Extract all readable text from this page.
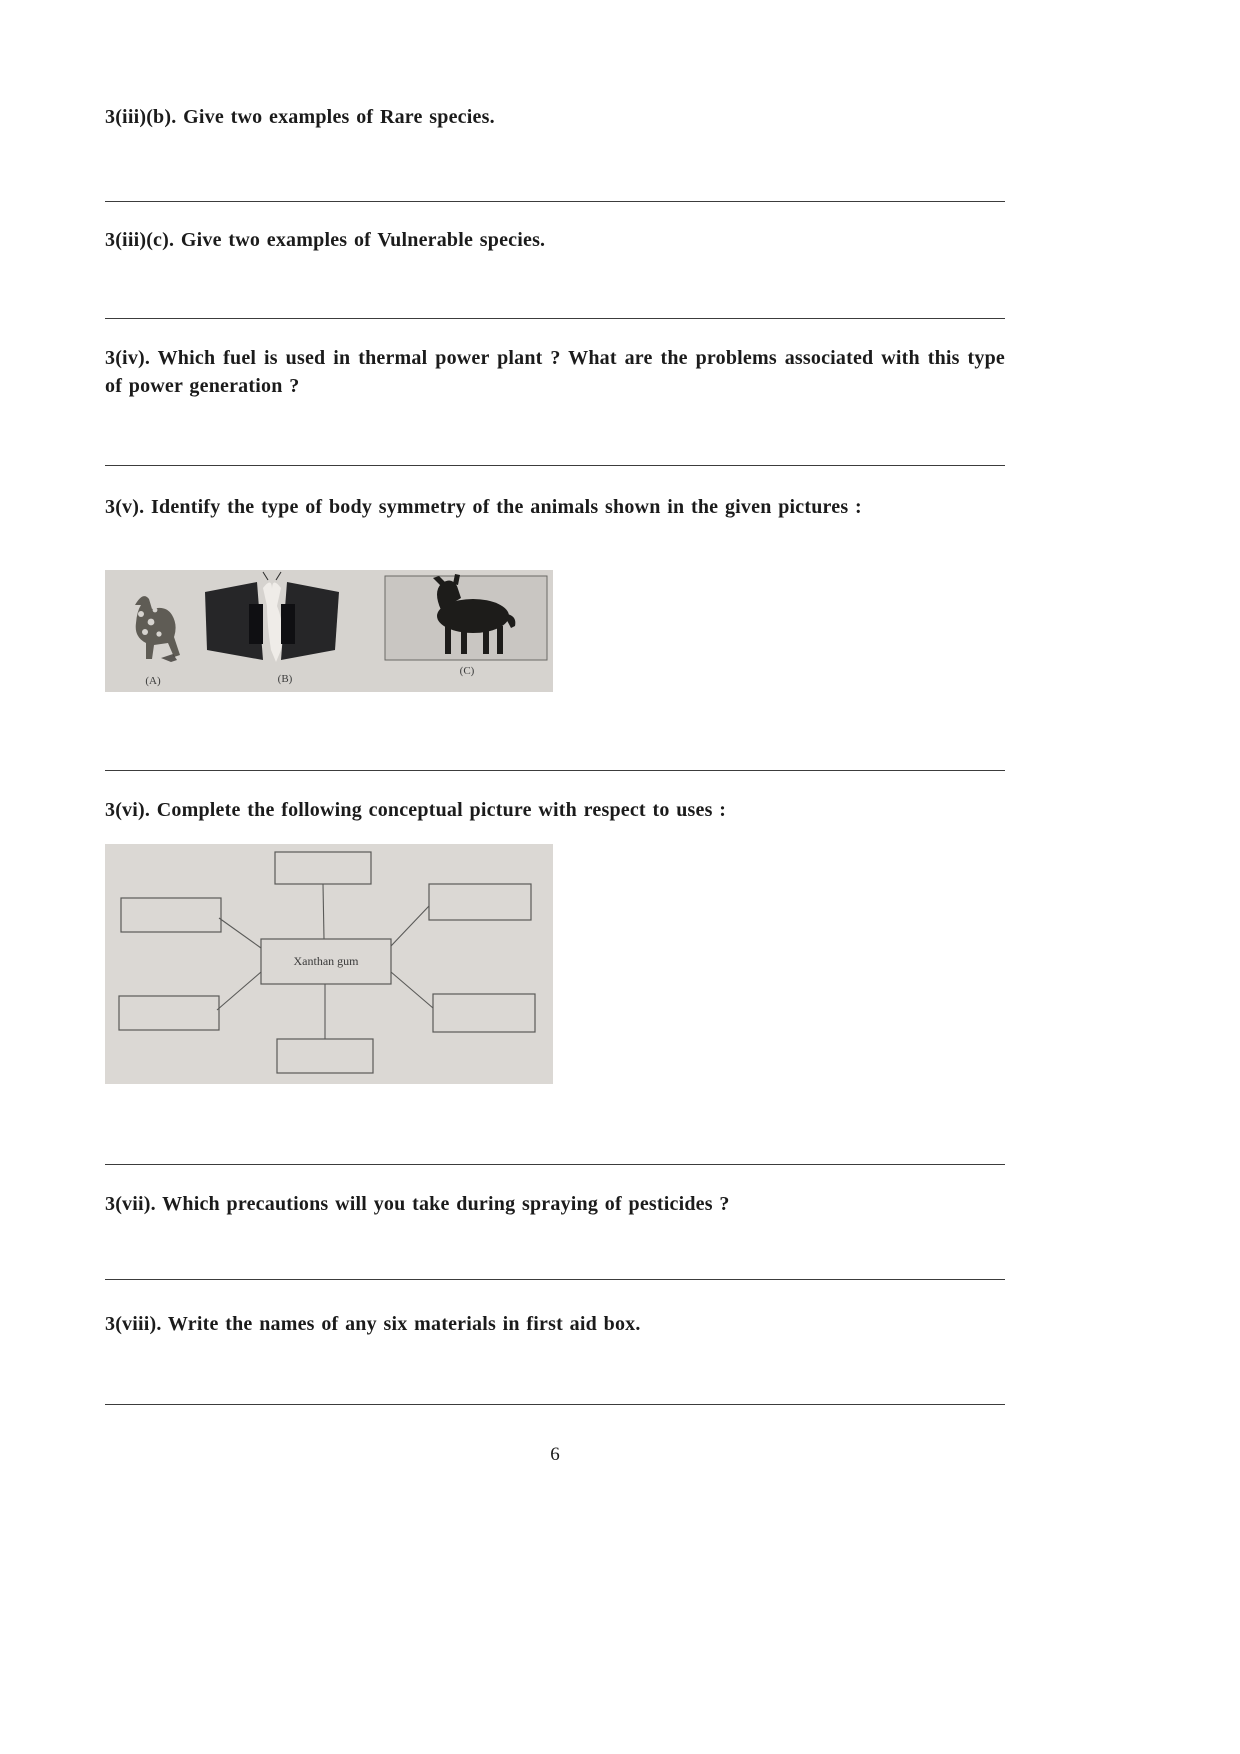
3(iii)(b). Give two examples of Rare species.
3(iii)(c). Give two examples of Vulnerable species.
3(iv). Which fuel is used in thermal power plant ? What are the problems associated with this type of power generation ?
3(v). Identify the type of body symmetry of the animals shown in the given pictures :
(A)	(B)
(C)
3(vi). Complete the following conceptual picture with respect to uses :
Xanthan gum
3(vii). Which precautions will you take during spraying of pesticides ?
3(viii). Write the names of any six materials in first aid box.
6
